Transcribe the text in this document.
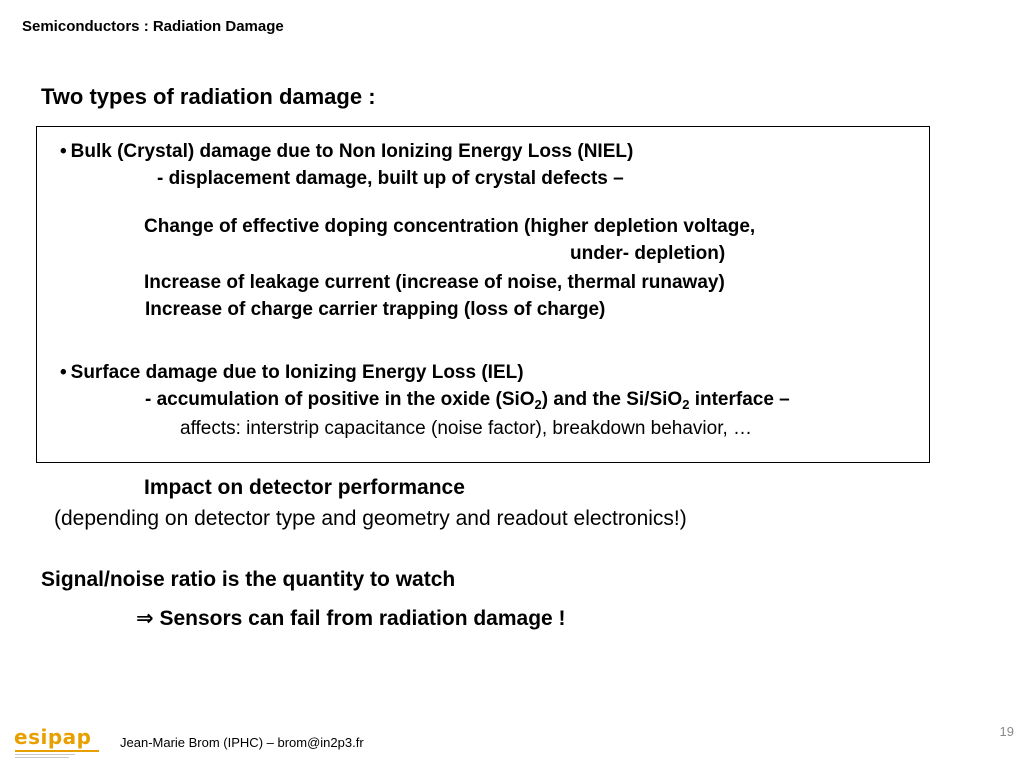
Semiconductors : Radiation Damage
Two types of radiation damage :
• Bulk (Crystal) damage due to Non Ionizing Energy Loss (NIEL)
- displacement damage, built up of crystal defects –
Change of effective doping concentration (higher depletion voltage,
under- depletion)
Increase of leakage current (increase of noise, thermal runaway)
Increase of charge carrier trapping (loss of charge)
• Surface damage due to Ionizing Energy Loss (IEL)
- accumulation of positive in the oxide (SiO$_2$) and the Si/SiO$_2$ interface –
affects: interstrip capacitance (noise factor), breakdown behavior, …
Impact on detector performance
(depending on detector type and geometry and readout electronics!)
Signal/noise ratio is the quantity to watch
⇒ Sensors can fail from radiation damage !
esipap Jean-Marie Brom (IPHC) – brom@in2p3.fr
19
